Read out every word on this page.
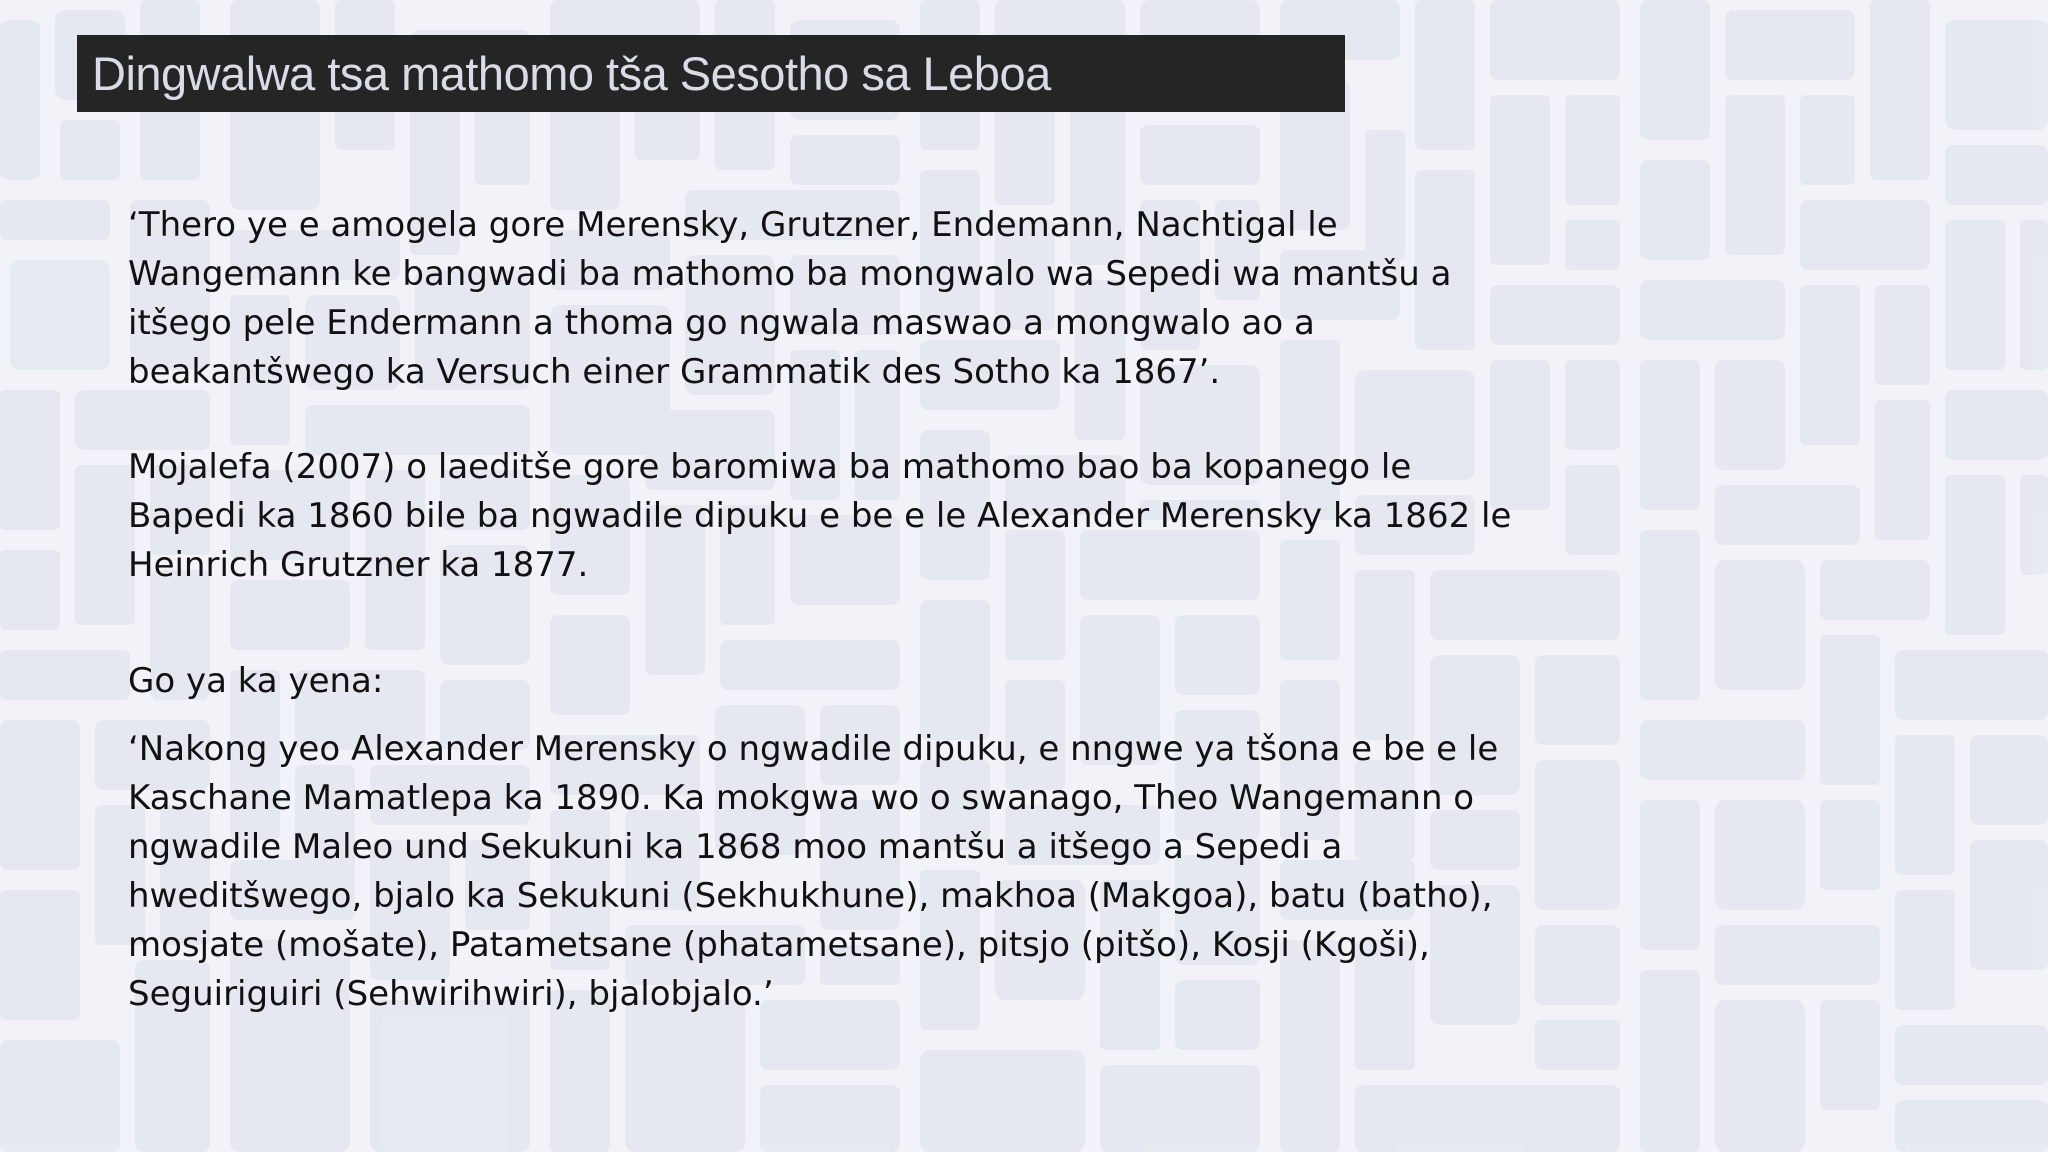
Dingwalwa tsa mathomo tša Sesotho sa Leboa

‘Thero ye e amogela gore Merensky, Grutzner, Endemann, Nachtigal le
Wangemann ke bangwadi ba mathomo ba mongwalo wa Sepedi wa mantšu a
itšego pele Endermann a thoma go ngwala maswao a mongwalo ao a
beakantšwego ka Versuch einer Grammatik des Sotho ka 1867’.

Mojalefa (2007) o laeditše gore baromiwa ba mathomo bao ba kopanego le
Bapedi ka 1860 bile ba ngwadile dipuku e be e le Alexander Merensky ka 1862 le
Heinrich Grutzner ka 1877.

Go ya ka yena:

‘Nakong yeo Alexander Merensky o ngwadile dipuku, e nngwe ya tšona e be e le
Kaschane Mamatlepa ka 1890. Ka mokgwa wo o swanago, Theo Wangemann o
ngwadile Maleo und Sekukuni ka 1868 moo mantšu a itšego a Sepedi a
hweditšwego, bjalo ka Sekukuni (Sekhukhune), makhoa (Makgoa), batu (batho),
mosjate (mošate), Patametsane (phatametsane), pitsjo (pitšo), Kosji (Kgoši),
Seguiriguiri (Sehwirihwiri), bjalobjalo.’
